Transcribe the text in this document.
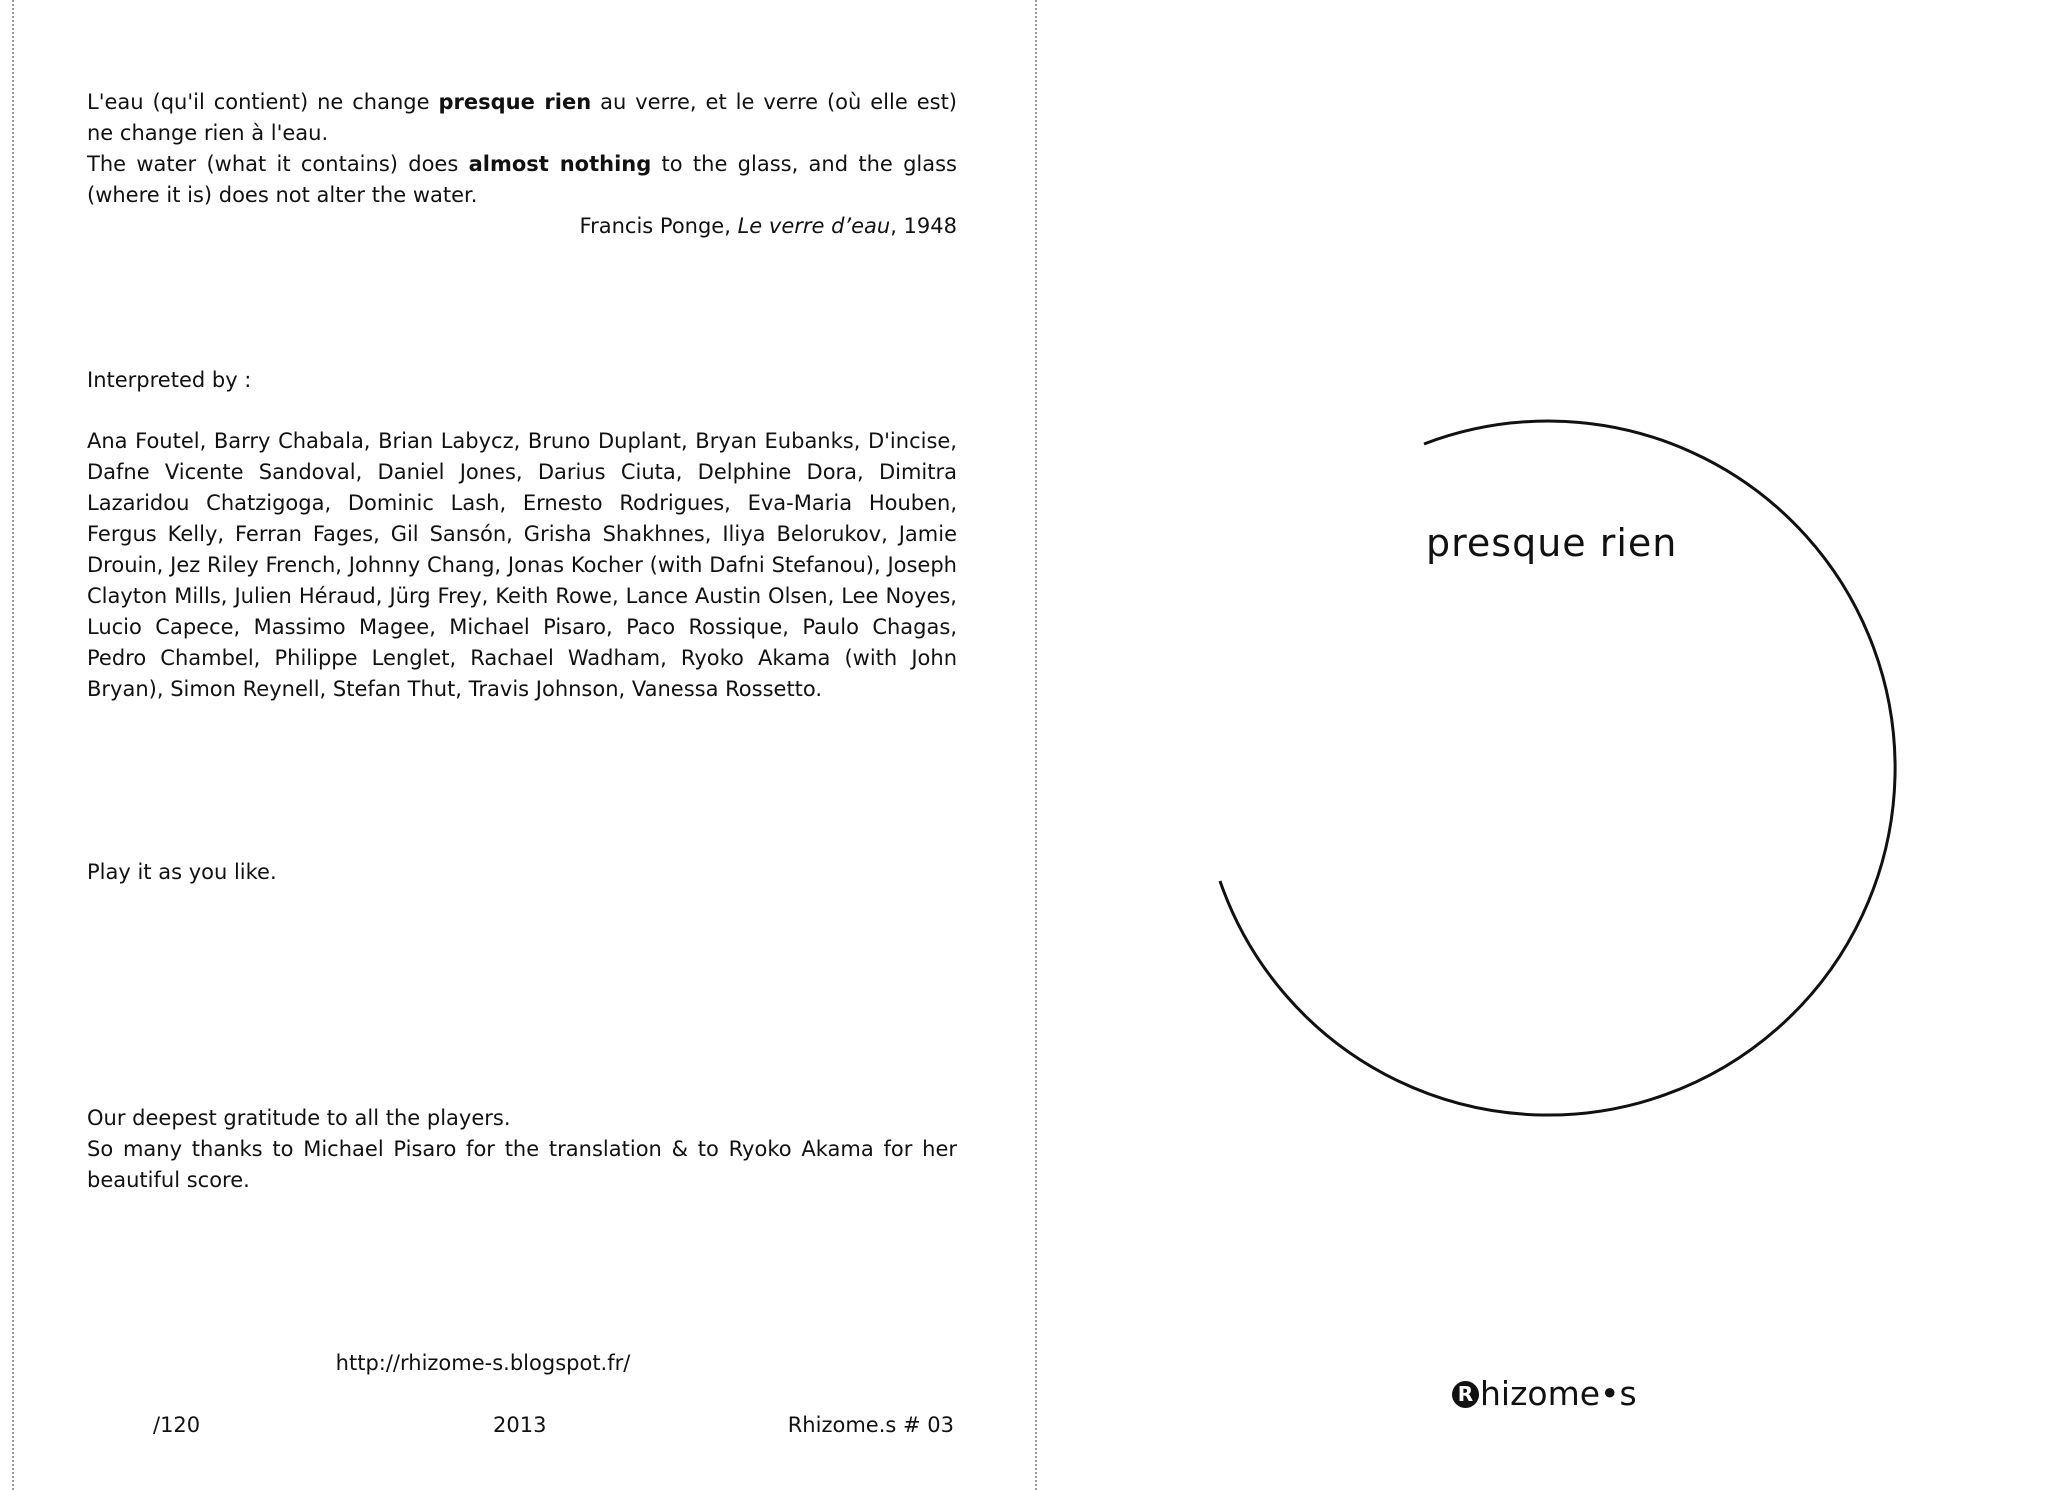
L'eau (qu'il contient) ne change presque rien au verre, et le verre (où elle est) ne change rien à l'eau.

The water (what it contains) does almost nothing to the glass, and the glass (where it is) does not alter the water.

Francis Ponge, Le verre d’eau, 1948

Interpreted by :

Ana Foutel, Barry Chabala, Brian Labycz, Bruno Duplant, Bryan Eubanks, D'incise, Dafne Vicente Sandoval, Daniel Jones, Darius Ciuta, Delphine Dora, Dimitra Lazaridou Chatzigoga, Dominic Lash, Ernesto Rodrigues, Eva-Maria Houben, Fergus Kelly, Ferran Fages, Gil Sansón, Grisha Shakhnes, Iliya Belorukov, Jamie Drouin, Jez Riley French, Johnny Chang, Jonas Kocher (with Dafni Stefanou), Joseph Clayton Mills, Julien Héraud, Jürg Frey, Keith Rowe, Lance Austin Olsen, Lee Noyes, Lucio Capece, Massimo Magee, Michael Pisaro, Paco Rossique, Paulo Chagas, Pedro Chambel, Philippe Lenglet, Rachael Wadham, Ryoko Akama (with John Bryan), Simon Reynell, Stefan Thut, Travis Johnson, Vanessa Rossetto.

Play it as you like.

Our deepest gratitude to all the players.

So many thanks to Michael Pisaro for the translation & to Ryoko Akama for her beautiful score.

http://rhizome-s.blogspot.fr/
/120	2013	Rhizome.s # 03
presque rien
R hizome•s
